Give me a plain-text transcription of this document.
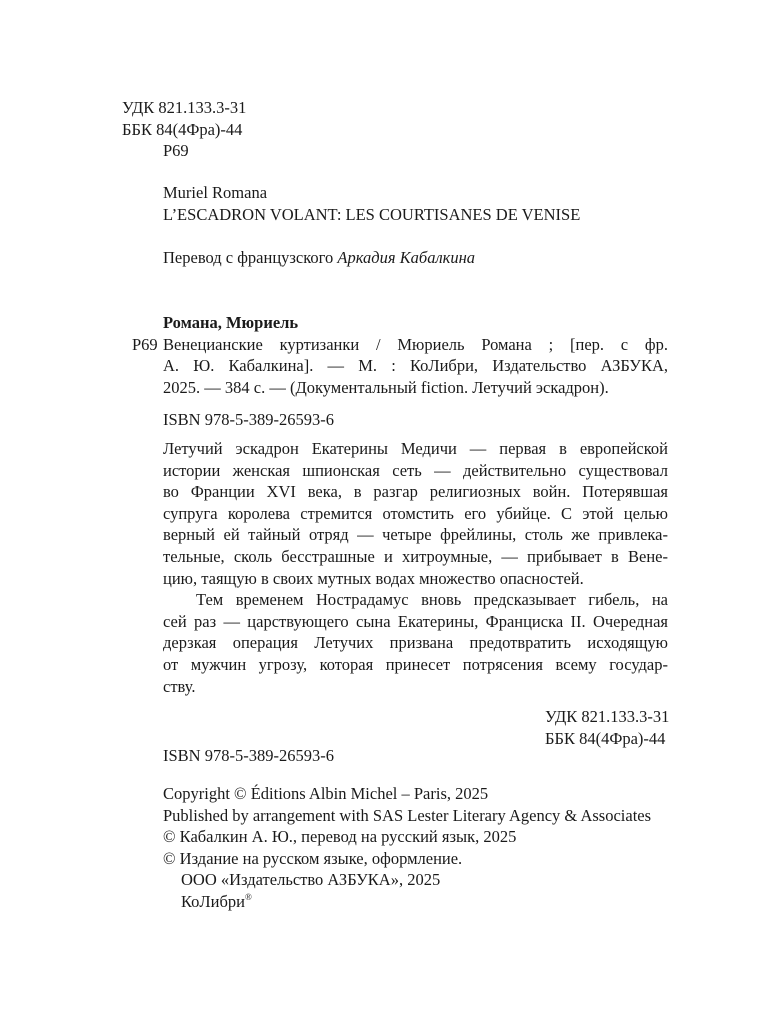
УДК 821.133.3-31
ББК 84(4Фра)-44
Р69
Muriel Romana
L’ESCADRON VOLANT: LES COURTISANES DE VENISE
Перевод с французского Аркадия Кабалкина
Романа, Мюриель
Р69 Венецианские куртизанки / Мюриель Романа ; [пер. с фр.
А. Ю. Кабалкина]. — М. : КоЛибри, Издательство АЗБУКА,
2025. — 384 с. — (Документальный fiction. Летучий эскадрон).
ISBN 978-5-389-26593-6
Летучий эскадрон Екатерины Медичи — первая в европейской
истории женская шпионская сеть — действительно существовал
во Франции XVI века, в разгар религиозных войн. Потерявшая
супруга королева стремится отомстить его убийце. С этой целью
верный ей тайный отряд — четыре фрейлины, столь же привлека-
тельные, сколь бесстрашные и хитроумные, — прибывает в Вене-
цию, таящую в своих мутных водах множество опасностей.
Тем временем Нострадамус вновь предсказывает гибель, на
сей раз — царствующего сына Екатерины, Франциска II. Очередная
дерзкая операция Летучих призвана предотвратить исходящую
от мужчин угрозу, которая принесет потрясения всему государ-
ству.
УДК 821.133.3-31
ББК 84(4Фра)-44
ISBN 978-5-389-26593-6
Copyright © Éditions Albin Michel – Paris, 2025
Published by arrangement with SAS Lester Literary Agency & Associates
© Кабалкин А. Ю., перевод на русский язык, 2025
© Издание на русском языке, оформление.
ООО «Издательство АЗБУКА», 2025
КоЛибри®
